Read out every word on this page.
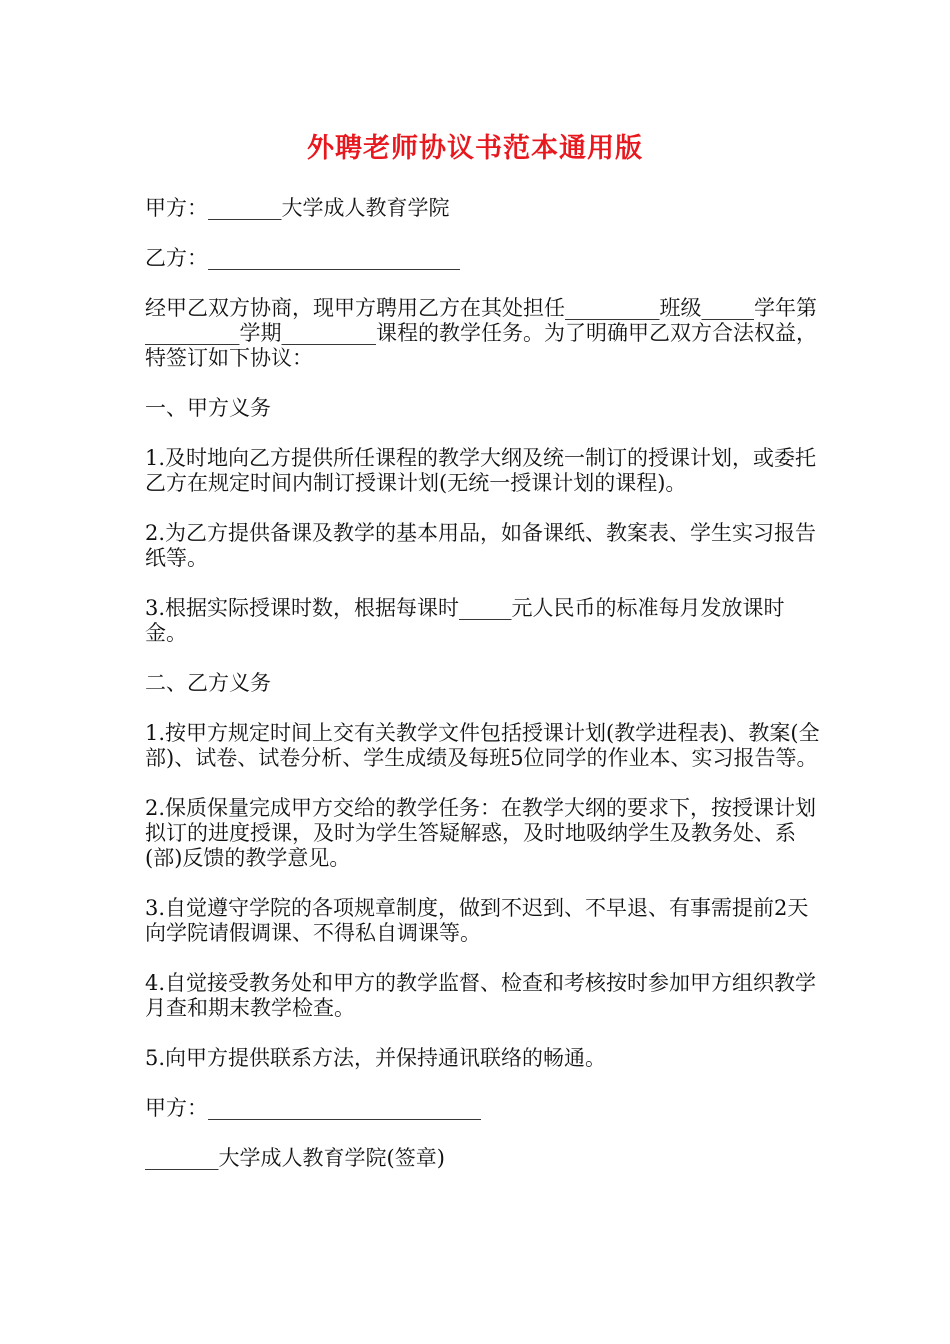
外聘老师协议书范本通用版

甲方：_______大学成人教育学院

乙方：________________________

经甲乙双方协商，现甲方聘用乙方在其处担任_________班级_____学年第_________学期_________课程的教学任务。为了明确甲乙双方合法权益，特签订如下协议：

一、甲方义务

1.及时地向乙方提供所任课程的教学大纲及统一制订的授课计划，或委托乙方在规定时间内制订授课计划(无统一授课计划的课程)。

2.为乙方提供备课及教学的基本用品，如备课纸、教案表、学生实习报告纸等。

3.根据实际授课时数，根据每课时_____元人民币的标准每月发放课时金。

二、乙方义务

1.按甲方规定时间上交有关教学文件包括授课计划(教学进程表)、教案(全部)、试卷、试卷分析、学生成绩及每班5位同学的作业本、实习报告等。

2.保质保量完成甲方交给的教学任务：在教学大纲的要求下，按授课计划拟订的进度授课，及时为学生答疑解惑，及时地吸纳学生及教务处、系(部)反馈的教学意见。

3.自觉遵守学院的各项规章制度，做到不迟到、不早退、有事需提前2天向学院请假调课、不得私自调课等。

4.自觉接受教务处和甲方的教学监督、检查和考核按时参加甲方组织教学月查和期末教学检查。

5.向甲方提供联系方法，并保持通讯联络的畅通。

甲方：__________________________

_______大学成人教育学院(签章)
